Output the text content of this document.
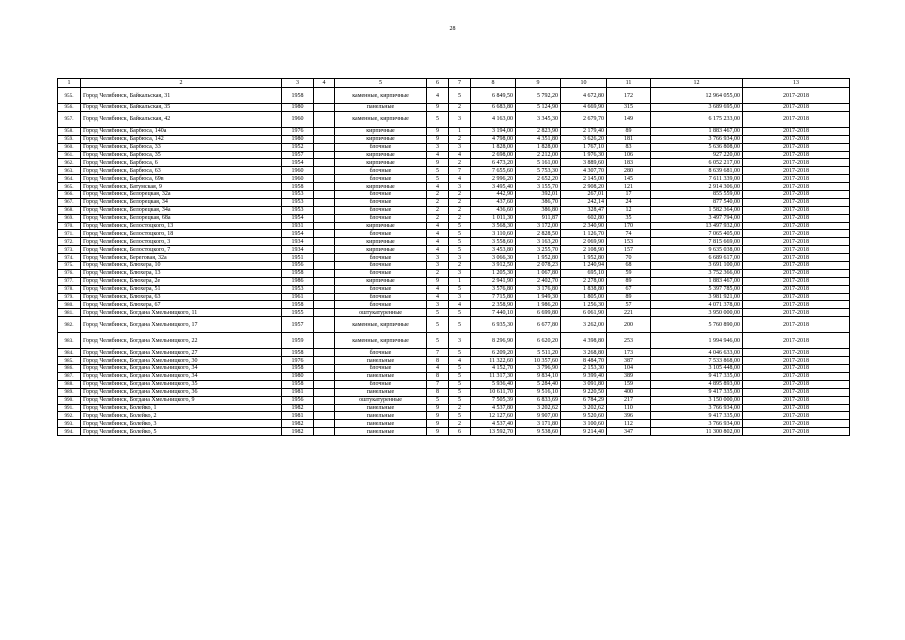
28
1	2	3	4	5	6	7	8	9	10	11	12	13
955.	Город Челябинск, Байкальская, 31	1958		каменные, кирпичные	4	5	6 849,50	5 792,20	4 672,80	172	12 964 055,00	2017-2018
956.	Город Челябинск, Байкальская, 35	1980		панельные	9	2	6 683,80	5 124,90	4 669,90	315	3 689 695,00	2017-2018
957.	Город Челябинск, Байкальская, 42	1960		каменные, кирпичные	5	3	4 163,00	3 345,30	2 679,70	149	6 175 233,00	2017-2018
958.	Город Челябинск, Барбюса, 140а	1976		кирпичные	9	1	3 194,00	2 823,90	2 179,40	89	1 883 467,00	2017-2018
959.	Город Челябинск, Барбюса, 142	1980		кирпичные	9	2	4 798,00	4 351,80	3 626,20	181	3 766 934,00	2017-2018
960.	Город Челябинск, Барбюса, 33	1952		блочные	3	3	1 828,00	1 828,00	1 767,10	83	5 636 808,00	2017-2018
961.	Город Челябинск, Барбюса, 35	1957		кирпичные	4	4	2 698,00	2 212,00	1 976,30	106	927 220,00	2017-2018
962.	Город Челябинск, Барбюса, 6	1954		кирпичные	9	2	6 473,20	5 161,00	3 889,60	183	6 052 217,00	2017-2018
963.	Город Челябинск, Барбюса, 63	1960		блочные	5	7	7 655,60	5 753,30	4 307,70	280	8 639 681,00	2017-2018
964.	Город Челябинск, Барбюса, 69в	1960		блочные	5	4	2 996,20	2 652,20	2 145,00	145	7 611 339,00	2017-2018
965.	Город Челябинск, Батумская, 9	1958		кирпичные	4	3	3 495,40	3 155,70	2 908,20	121	2 914 306,00	2017-2018
966.	Город Челябинск, Белорецкая, 32а	1953		блочные	2	2	442,90	392,01	267,01	17	855 559,00	2017-2018
967.	Город Челябинск, Белорецкая, 34	1953		блочные	2	2	437,60	386,70	242,14	24	877 540,00	2017-2018
968.	Город Челябинск, Белорецкая, 34а	1953		блочные	2	2	436,60	386,80	328,47	12	1 582 364,00	2017-2018
969.	Город Челябинск, Белорецкая, 68а	1954		блочные	2	2	1 011,30	911,87	602,80	35	3 497 794,00	2017-2018
970.	Город Челябинск, Белостоцкого, 13	1931		кирпичные	4	5	3 568,30	3 172,00	2 340,90	170	13 497 932,00	2017-2018
971.	Город Челябинск, Белостоцкого, 18	1954		блочные	4	5	3 110,60	2 828,50	1 126,70	74	7 065 405,00	2017-2018
972.	Город Челябинск, Белостоцкого, 3	1934		кирпичные	4	5	3 558,60	3 163,20	2 069,90	153	7 815 669,00	2017-2018
973.	Город Челябинск, Белостоцкого, 7	1934		кирпичные	4	5	3 453,80	3 255,70	2 108,90	157	9 635 038,00	2017-2018
974.	Город Челябинск, Береговая, 32а	1951		блочные	3	3	3 066,30	1 952,80	1 952,80	70	6 689 617,00	2017-2018
975.	Город Челябинск, Блюхера, 10	1956		блочные	3	2	3 912,50	2 078,23	1 240,94	68	3 691 100,00	2017-2018
976.	Город Челябинск, Блюхера, 13	1958		блочные	2	3	1 205,30	1 067,80	695,10	59	3 752 366,00	2017-2018
977.	Город Челябинск, Блюхера, 2е	1986		кирпичные	9	1	2 941,90	2 402,70	2 278,00	89	1 883 467,00	2017-2018
978.	Город Челябинск, Блюхера, 51	1953		блочные	4	5	3 576,80	3 176,80	1 838,80	67	5 397 785,00	2017-2018
979.	Город Челябинск, Блюхера, 63	1961		блочные	4	3	7 715,80	1 949,30	1 805,00	89	3 981 921,00	2017-2018
980.	Город Челябинск, Блюхера, 67	1958		блочные	3	4	2 358,90	1 986,20	1 256,30	57	4 071 378,00	2017-2018
981.	Город Челябинск, Богдана Хмельницкого, 11	1955		оштукатуренные	5	5	7 440,10	6 699,80	6 061,90	221	3 950 000,00	2017-2018
982.	Город Челябинск, Богдана Хмельницкого, 17	1957		каменные, кирпичные	5	5	6 935,30	6 677,80	3 262,00	200	5 760 890,00	2017-2018
983.	Город Челябинск, Богдана Хмельницкого, 22	1959		каменные, кирпичные	5	3	8 296,90	6 620,20	4 398,80	253	1 994 946,00	2017-2018
984.	Город Челябинск, Богдана Хмельницкого, 27	1958		блочные	7	5	6 209,20	5 511,20	3 268,80	173	4 046 633,00	2017-2018
985.	Город Челябинск, Богдана Хмельницкого, 30	1976		панельные	8	4	11 322,60	10 357,60	8 484,70	387	7 533 868,00	2017-2018
986.	Город Челябинск, Богдана Хмельницкого, 34	1958		блочные	4	5	4 152,70	3 796,90	2 153,30	104	3 105 448,00	2017-2018
987.	Город Челябинск, Богдана Хмельницкого, 34	1980		панельные	8	5	11 317,30	9 834,10	9 399,40	389	9 417 335,00	2017-2018
988.	Город Челябинск, Богдана Хмельницкого, 35	1958		блочные	7	5	5 936,40	5 284,40	3 091,80	159	4 895 893,00	2017-2018
989.	Город Челябинск, Богдана Хмельницкого, 36	1981		панельные	8	5	10 611,70	9 516,10	9 220,50	400	9 417 335,00	2017-2018
990.	Город Челябинск, Богдана Хмельницкого, 9	1956		оштукатуренные	5	5	7 505,39	6 833,69	6 784,29	217	3 150 000,00	2017-2018
991.	Город Челябинск, Болейко, 1	1982		панельные	9	2	4 537,80	3 202,62	3 202,62	110	3 766 934,00	2017-2018
992.	Город Челябинск, Болейко, 2	1981		панельные	9	5	12 127,60	9 907,00	9 520,60	396	9 417 335,00	2017-2018
993.	Город Челябинск, Болейко, 3	1982		панельные	9	2	4 537,40	3 171,80	3 100,60	112	3 766 934,00	2017-2018
994.	Город Челябинск, Болейко, 5	1982		панельные	9	6	13 592,70	9 538,60	9 214,40	347	11 300 802,00	2017-2018
